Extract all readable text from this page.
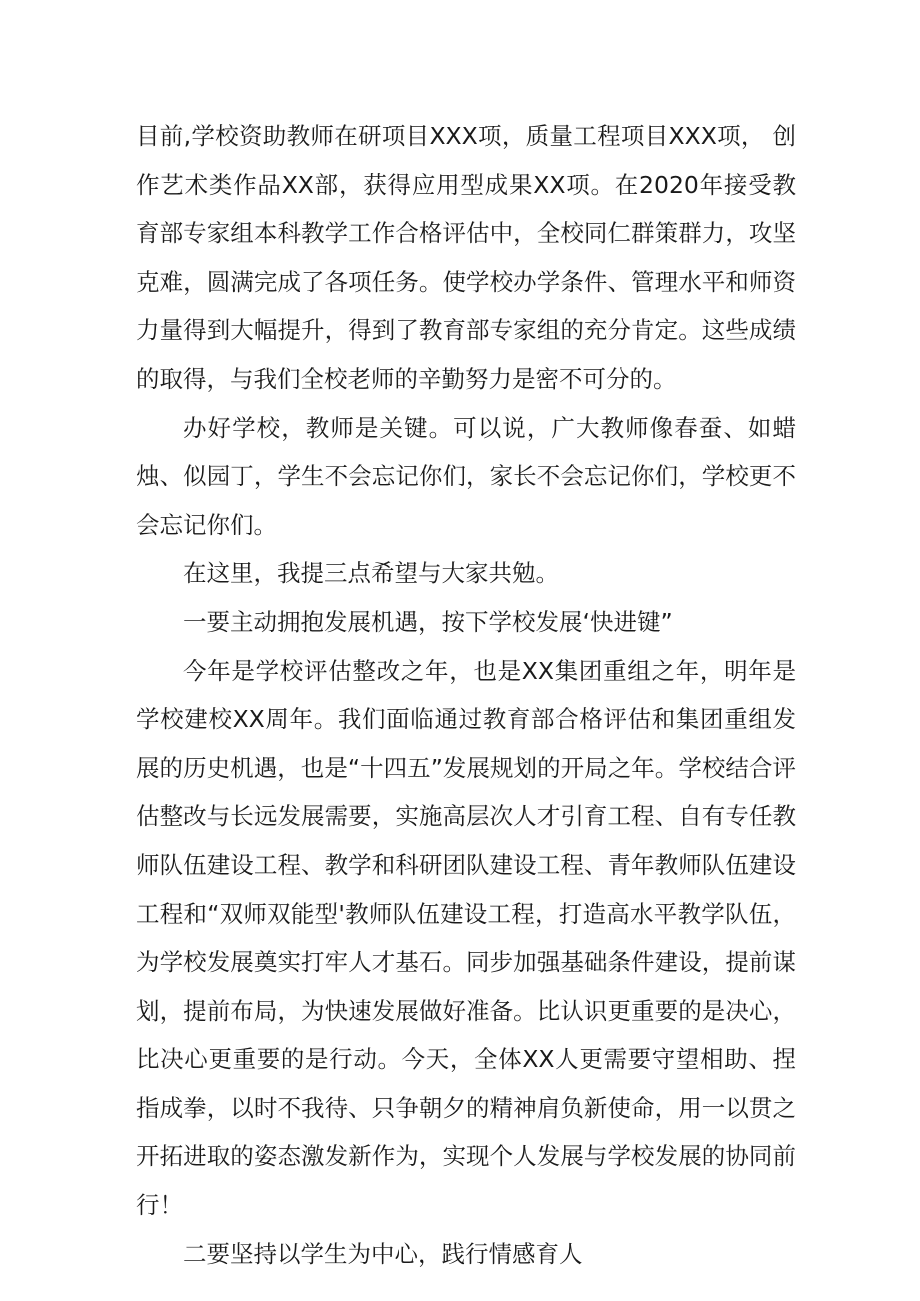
目前,学校资助教师在研项目XXX项，质量工程项目XXX项， 创作艺术类作品XX部，获得应用型成果XX项。在2020年接受教育部专家组本科教学工作合格评估中，全校同仁群策群力，攻坚克难，圆满完成了各项任务。使学校办学条件、管理水平和师资力量得到大幅提升，得到了教育部专家组的充分肯定。这些成绩的取得，与我们全校老师的辛勤努力是密不可分的。

办好学校，教师是关键。可以说，广大教师像春蚕、如蜡烛、似园丁，学生不会忘记你们，家长不会忘记你们，学校更不会忘记你们。

在这里，我提三点希望与大家共勉。

一要主动拥抱发展机遇，按下学校发展‘快进键”

今年是学校评估整改之年，也是XX集团重组之年，明年是学校建校XX周年。我们面临通过教育部合格评估和集团重组发展的历史机遇，也是“十四五”发展规划的开局之年。学校结合评估整改与长远发展需要，实施高层次人才引育工程、自有专任教师队伍建设工程、教学和科研团队建设工程、青年教师队伍建设工程和“双师双能型'教师队伍建设工程，打造高水平教学队伍，为学校发展奠实打牢人才基石。同步加强基础条件建设，提前谋划，提前布局，为快速发展做好准备。比认识更重要的是决心，比决心更重要的是行动。今天，全体XX人更需要守望相助、捏指成拳，以时不我待、只争朝夕的精神肩负新使命，用一以贯之开拓进取的姿态激发新作为，实现个人发展与学校发展的协同前行！

二要坚持以学生为中心，践行情感育人
